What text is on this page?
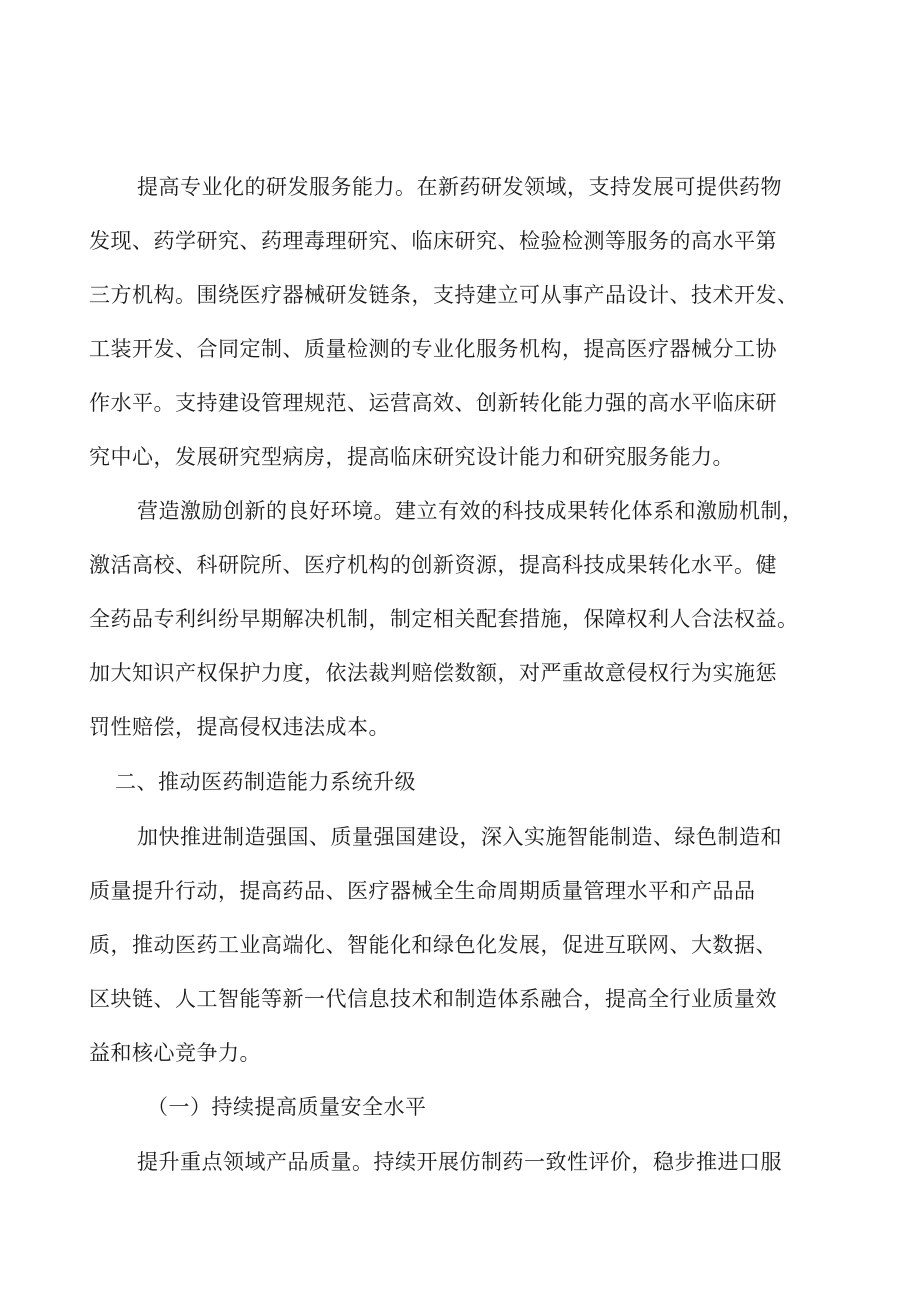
提高专业化的研发服务能力。在新药研发领域，支持发展可提供药物
发现、药学研究、药理毒理研究、临床研究、检验检测等服务的高水平第
三方机构。围绕医疗器械研发链条，支持建立可从事产品设计、技术开发、
工装开发、合同定制、质量检测的专业化服务机构，提高医疗器械分工协
作水平。支持建设管理规范、运营高效、创新转化能力强的高水平临床研
究中心，发展研究型病房，提高临床研究设计能力和研究服务能力。
营造激励创新的良好环境。建立有效的科技成果转化体系和激励机制，
激活高校、科研院所、医疗机构的创新资源，提高科技成果转化水平。健
全药品专利纠纷早期解决机制，制定相关配套措施，保障权利人合法权益。
加大知识产权保护力度，依法裁判赔偿数额，对严重故意侵权行为实施惩
罚性赔偿，提高侵权违法成本。
二、推动医药制造能力系统升级
加快推进制造强国、质量强国建设，深入实施智能制造、绿色制造和
质量提升行动，提高药品、医疗器械全生命周期质量管理水平和产品品
质，推动医药工业高端化、智能化和绿色化发展，促进互联网、大数据、
区块链、人工智能等新一代信息技术和制造体系融合，提高全行业质量效
益和核心竞争力。
（一）持续提高质量安全水平
提升重点领域产品质量。持续开展仿制药一致性评价，稳步推进口服
